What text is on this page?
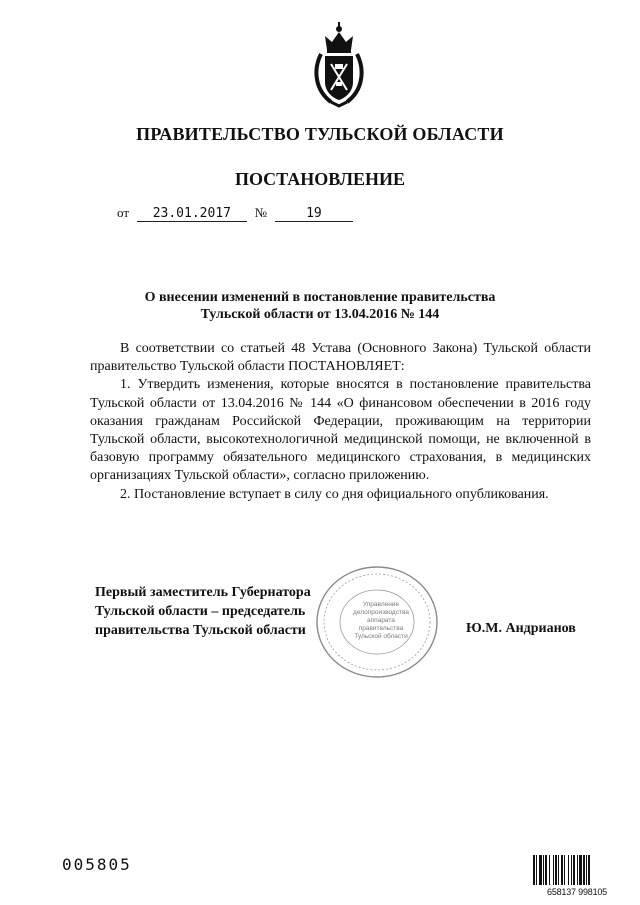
ПРАВИТЕЛЬСТВО ТУЛЬСКОЙ ОБЛАСТИ
ПОСТАНОВЛЕНИЕ
от 23.01.2017 №	19
О внесении изменений в постановление правительства
Тульской области от 13.04.2016 № 144

В соответствии со статьей 48 Устава (Основного Закона) Тульской области правительство Тульской области ПОСТАНОВЛЯЕТ:

1. Утвердить изменения, которые вносятся в постановление правительства Тульской области от 13.04.2016 № 144 «О финансовом обеспечении в 2016 году оказания гражданам Российской Федерации, проживающим на территории Тульской области, высокотехнологичной медицинской помощи, не включенной в базовую программу обязательного медицинского страхования, в медицинских организациях Тульской области», согласно приложению.

2. Постановление вступает в силу со дня официального опубликования.

Управление делопроизводства аппарата правительства Тульской области
Первый заместитель Губернатора
Тульской области – председатель
правительства Тульской области	Ю.М. Андрианов
005805
658137 998105
